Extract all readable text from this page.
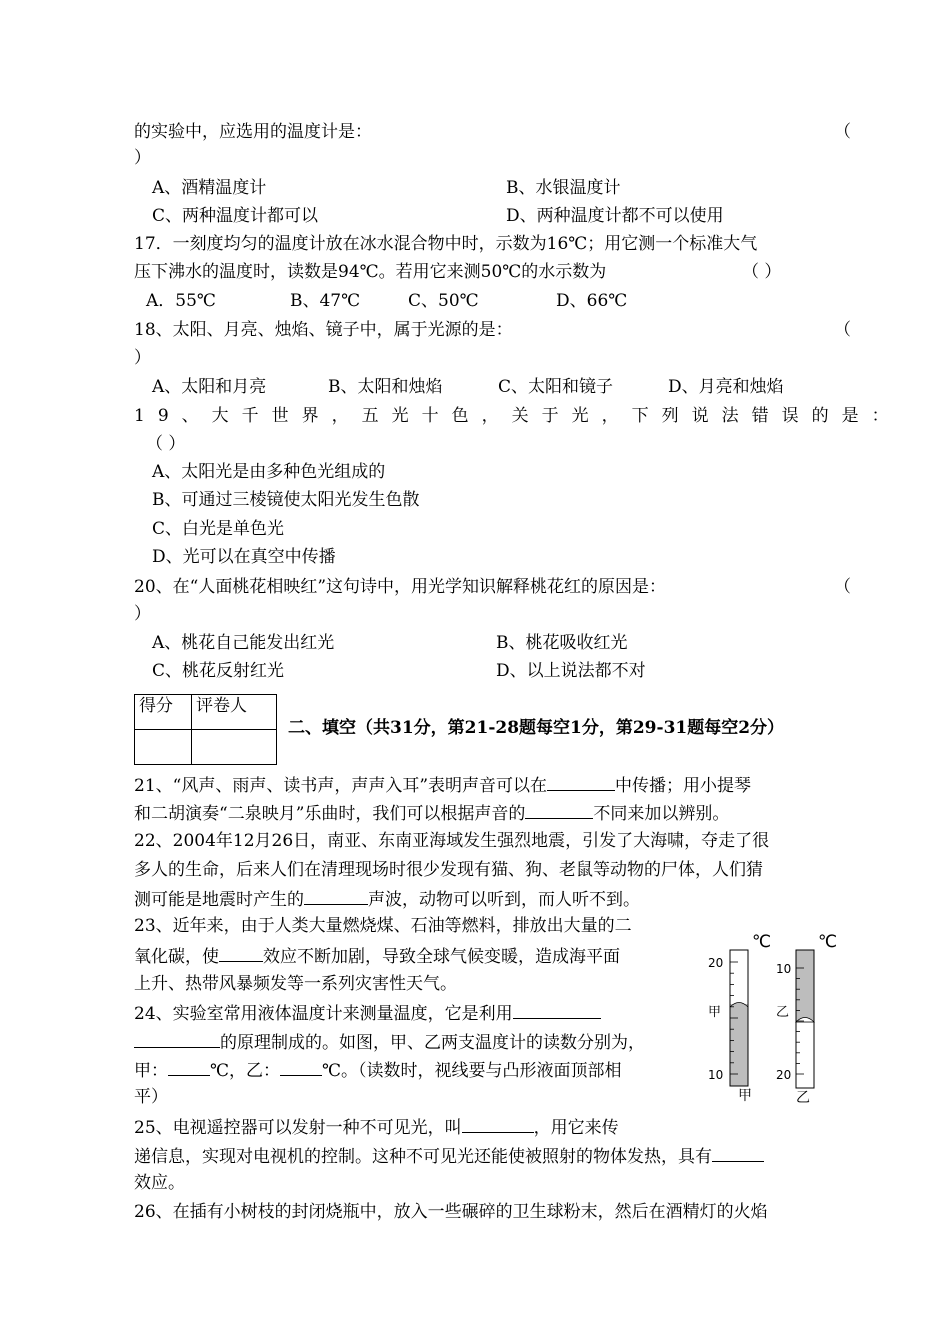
的实验中，应选用的温度计是：	（
）
A、酒精温度计	B、水银温度计
C、两种温度计都可以	D、两种温度计都不可以使用
17．一刻度均匀的温度计放在冰水混合物中时，示数为16℃；用它测一个标准大气
压下沸水的温度时，读数是94℃。若用它来测50℃的水示数为	（ ）
A．55℃	B、47℃	C、50℃	D、66℃
18、太阳、月亮、烛焰、镜子中，属于光源的是：	（
）
A、太阳和月亮	B、太阳和烛焰	C、太阳和镜子	D、月亮和烛焰
19、大千世界，五光十色，关于光，下列说法错误的是：
（ ）
A、太阳光是由多种色光组成的
B、可通过三棱镜使太阳光发生色散
C、白光是单色光
D、光可以在真空中传播
20、在“人面桃花相映红”这句诗中，用光学知识解释桃花红的原因是：	（
）
A、桃花自己能发出红光	B、桃花吸收红光
C、桃花反射红光	D、以上说法都不对
得分	评卷人

二、填空（共31分，第21-28题每空1分，第29-31题每空2分）
21、“风声、雨声、读书声，声声入耳”表明声音可以在	中传播；用小提琴
和二胡演奏“二泉映月”乐曲时，我们可以根据声音的	不同来加以辨别。
22、2004年12月26日，南亚、东南亚海域发生强烈地震，引发了大海啸，夺走了很
多人的生命，后来人们在清理现场时很少发现有猫、狗、老鼠等动物的尸体，人们猜
测可能是地震时产生的	声波，动物可以听到，而人听不到。
23、近年来，由于人类大量燃烧煤、石油等燃料，排放出大量的二
氧化碳，使	效应不断加剧，导致全球气候变暖，造成海平面
上升、热带风暴频发等一系列灾害性天气。
24、实验室常用液体温度计来测量温度，它是利用
的原理制成的。如图，甲、乙两支温度计的读数分别为，
甲： ℃，乙： ℃。（读数时，视线要与凸形液面顶部相
平）
25、电视遥控器可以发射一种不可见光，叫	，用它来传
递信息，实现对电视机的控制。这种不可见光还能使被照射的物体发热，具有
效应。
26、在插有小树枝的封闭烧瓶中，放入一些碾碎的卫生球粉末，然后在酒精灯的火焰
℃	℃
20
10
甲
甲
10
20
乙
乙
